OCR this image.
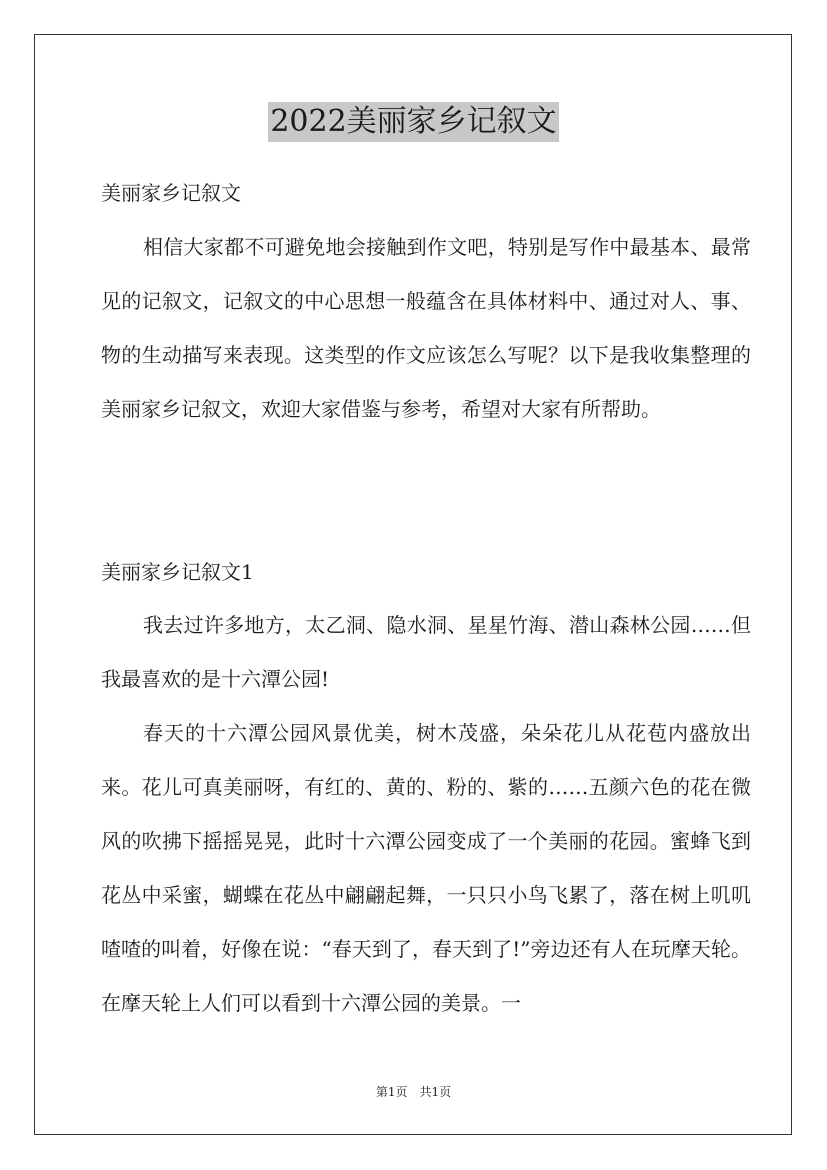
2022美丽家乡记叙文

美丽家乡记叙文

相信大家都不可避免地会接触到作文吧，特别是写作中最基本、最常见的记叙文，记叙文的中心思想一般蕴含在具体材料中、通过对人、事、物的生动描写来表现。这类型的作文应该怎么写呢？以下是我收集整理的美丽家乡记叙文，欢迎大家借鉴与参考，希望对大家有所帮助。

美丽家乡记叙文1

我去过许多地方，太乙洞、隐水洞、星星竹海、潜山森林公园……但我最喜欢的是十六潭公园!

春天的十六潭公园风景优美，树木茂盛，朵朵花儿从花苞内盛放出来。花儿可真美丽呀，有红的、黄的、粉的、紫的……五颜六色的花在微风的吹拂下摇摇晃晃，此时十六潭公园变成了一个美丽的花园。蜜蜂飞到花丛中采蜜，蝴蝶在花丛中翩翩起舞，一只只小鸟飞累了，落在树上叽叽喳喳的叫着，好像在说：“春天到了，春天到了!”旁边还有人在玩摩天轮。在摩天轮上人们可以看到十六潭公园的美景。一

第1页　共1页
